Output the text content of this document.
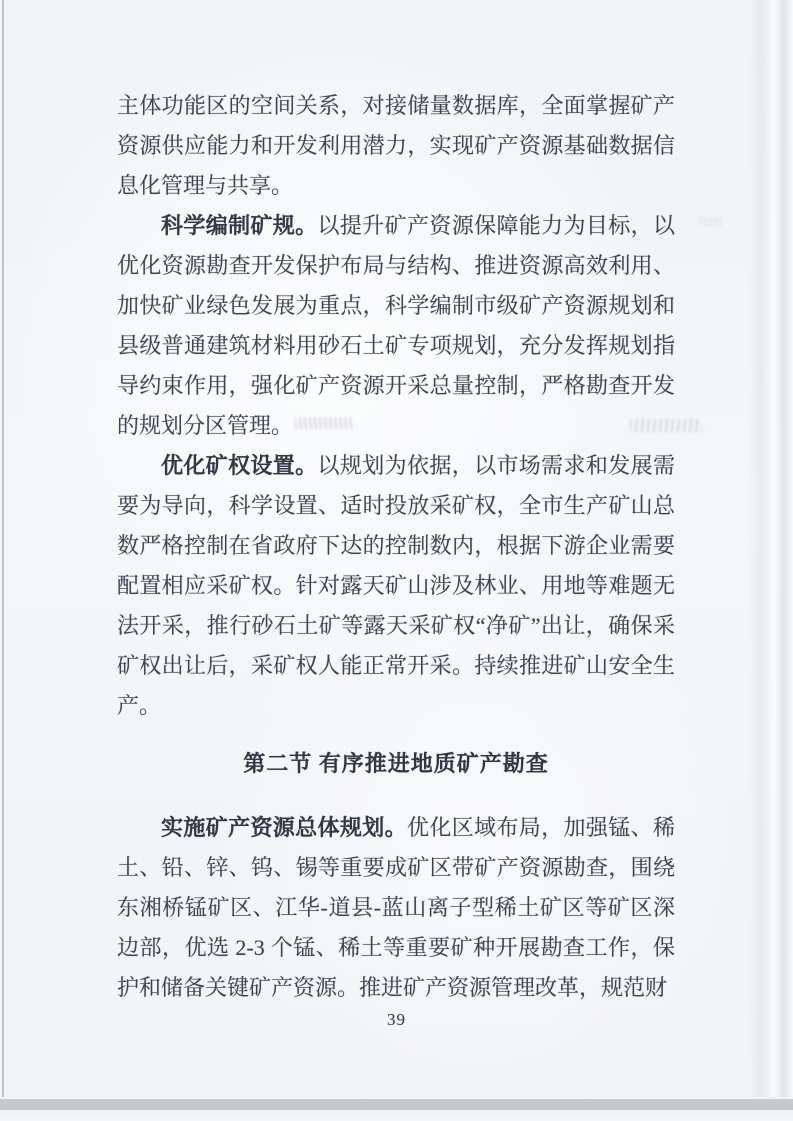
主体功能区的空间关系，对接储量数据库，全面掌握矿产资源供应能力和开发利用潜力，实现矿产资源基础数据信息化管理与共享。

科学编制矿规。以提升矿产资源保障能力为目标，以优化资源勘查开发保护布局与结构、推进资源高效利用、加快矿业绿色发展为重点，科学编制市级矿产资源规划和县级普通建筑材料用砂石土矿专项规划，充分发挥规划指导约束作用，强化矿产资源开采总量控制，严格勘查开发的规划分区管理。

优化矿权设置。以规划为依据，以市场需求和发展需要为导向，科学设置、适时投放采矿权，全市生产矿山总数严格控制在省政府下达的控制数内，根据下游企业需要配置相应采矿权。针对露天矿山涉及林业、用地等难题无法开采，推行砂石土矿等露天采矿权“净矿”出让，确保采矿权出让后，采矿权人能正常开采。持续推进矿山安全生产。

第二节 有序推进地质矿产勘查

实施矿产资源总体规划。优化区域布局，加强锰、稀土、铅、锌、钨、锡等重要成矿区带矿产资源勘查，围绕东湘桥锰矿区、江华-道县-蓝山离子型稀土矿区等矿区深边部，优选 2-3 个锰、稀土等重要矿种开展勘查工作，保护和储备关键矿产资源。推进矿产资源管理改革，规范财

39
